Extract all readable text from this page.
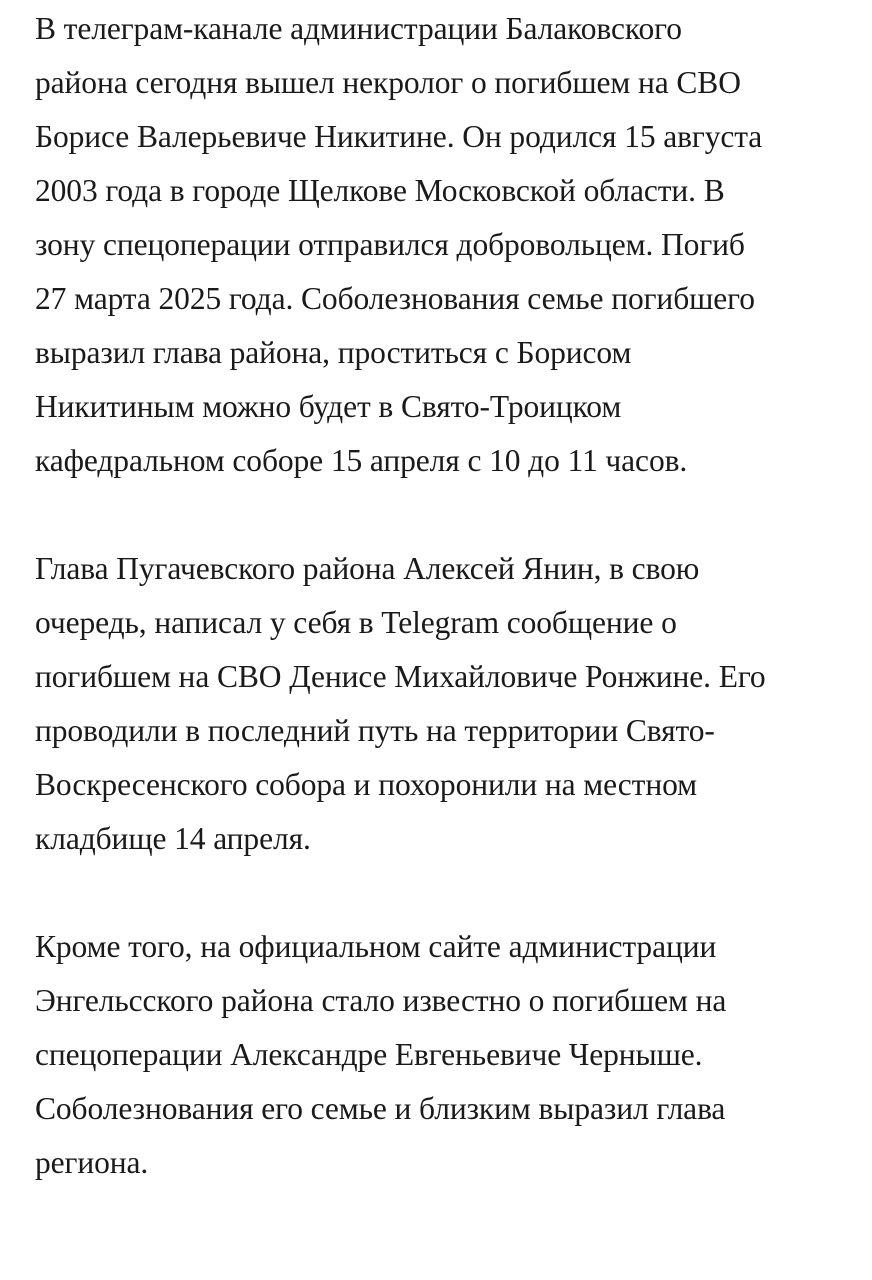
В телеграм-канале администрации Балаковского
района сегодня вышел некролог о погибшем на СВО
Борисе Валерьевиче Никитине. Он родился 15 августа
2003 года в городе Щелкове Московской области. В
зону спецоперации отправился добровольцем. Погиб
27 марта 2025 года. Соболезнования семье погибшего
выразил глава района, проститься с Борисом
Никитиным можно будет в Свято-Троицком
кафедральном соборе 15 апреля с 10 до 11 часов.

Глава Пугачевского района Алексей Янин, в свою
очередь, написал у себя в Telegram сообщение о
погибшем на СВО Денисе Михайловиче Ронжине. Его
проводили в последний путь на территории Свято-
Воскресенского собора и похоронили на местном
кладбище 14 апреля.

Кроме того, на официальном сайте администрации
Энгельсского района стало известно о погибшем на
спецоперации Александре Евгеньевиче Черныше.
Соболезнования его семье и близким выразил глава
региона.
